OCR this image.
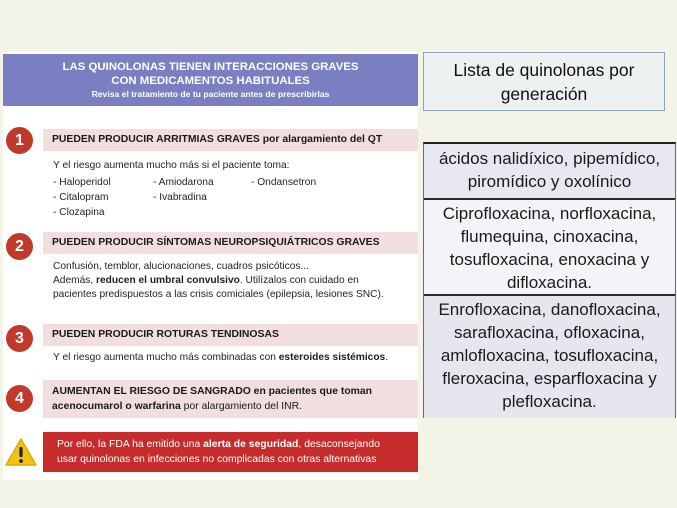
LAS QUINOLONAS TIENEN INTERACCIONES GRAVES
CON MEDICAMENTOS HABITUALES
Revisa el tratamiento de tu paciente antes de prescribirlas
1	PUEDEN PRODUCIR ARRITMIAS GRAVES por alargamiento del QT
Y el riesgo aumenta mucho más si el paciente toma:
- Haloperidol	- Amiodarona	- Ondansetron
- Citalopram	- Ivabradina
- Clozapina
2	PUEDEN PRODUCIR SÍNTOMAS NEUROPSIQUIÁTRICOS GRAVES
Confusión, temblor, alucionaciones, cuadros psicóticos...
Además, reducen el umbral convulsivo. Utilízalos con cuidado en
pacientes predispuestos a las crisis comiciales (epilepsia, lesiones SNC).
3	PUEDEN PRODUCIR ROTURAS TENDINOSAS
Y el riesgo aumenta mucho más combinadas con esteroides sistémicos.
4	AUMENTAN EL RIESGO DE SANGRADO en pacientes que toman
acenocumarol o warfarina por alargamiento del INR.
Por ello, la FDA ha emitido una alerta de seguridad, desaconsejando
usar quinolonas en infecciones no complicadas con otras alternativas
Lista de quinolonas por generación
ácidos nalidíxico, pipemídico, piromídico y oxolínico
Ciprofloxacina, norfloxacina, flumequina, cinoxacina, tosufloxacina, enoxacina y difloxacina.
Enrofloxacina, danofloxacina, sarafloxacina, ofloxacina, amlofloxacina, tosufloxacina, fleroxacina, esparfloxacina y plefloxacina.
